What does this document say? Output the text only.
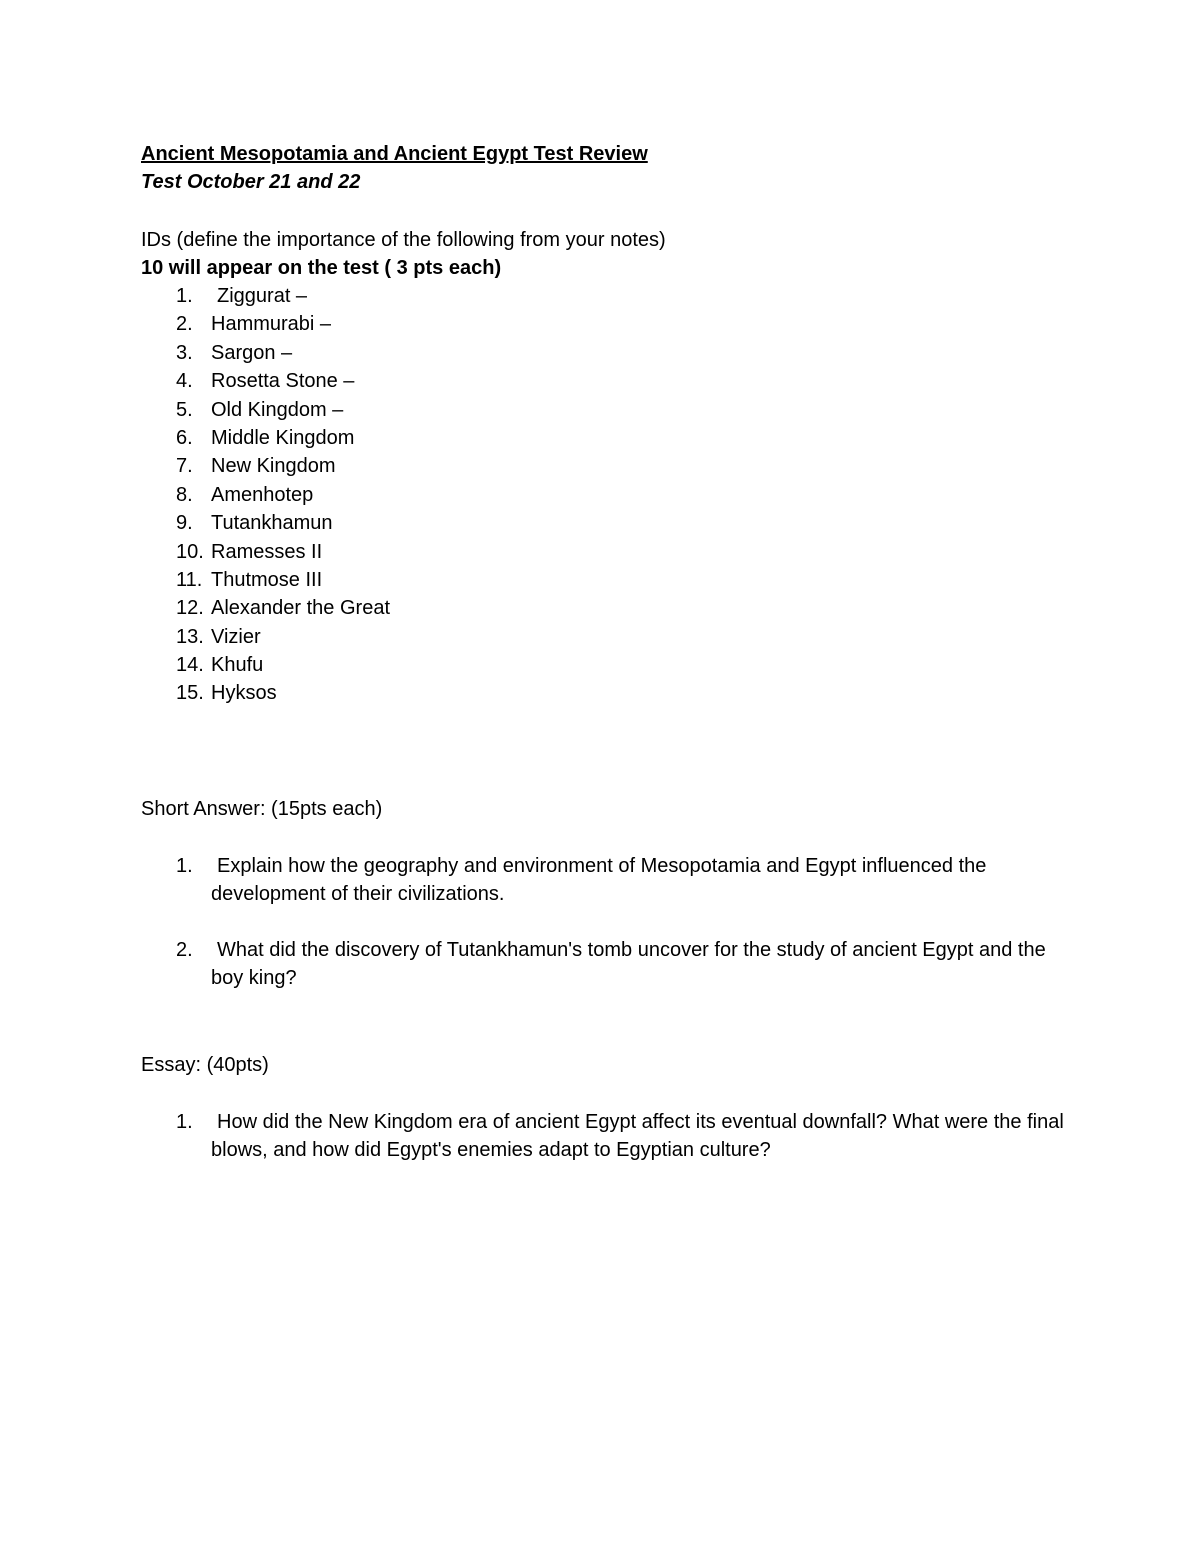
Ancient Mesopotamia and Ancient Egypt Test Review
Test October 21 and 22
IDs (define the importance of the following from your notes)
10 will appear on the test ( 3 pts each)
1. Ziggurat –
2. Hammurabi –
3. Sargon –
4. Rosetta Stone –
5. Old Kingdom –
6. Middle Kingdom
7. New Kingdom
8. Amenhotep
9. Tutankhamun
10. Ramesses II
11. Thutmose III
12. Alexander the Great
13. Vizier
14. Khufu
15. Hyksos
Short Answer: (15pts each)
1.	Explain how the geography and environment of Mesopotamia and Egypt influenced the development of their civilizations.
2.	What did the discovery of Tutankhamun's tomb uncover for the study of ancient Egypt and the boy king?
Essay: (40pts)
1.	How did the New Kingdom era of ancient Egypt affect its eventual downfall? What were the final blows, and how did Egypt's enemies adapt to Egyptian culture?
